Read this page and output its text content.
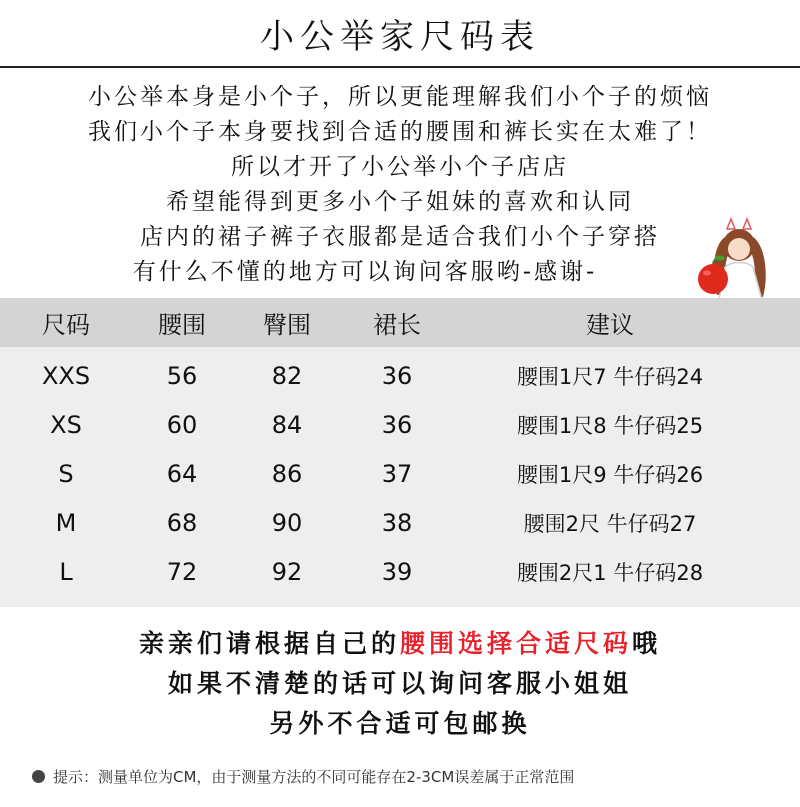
小公举家尺码表
小公举本身是小个子，所以更能理解我们小个子的烦恼
我们小个子本身要找到合适的腰围和裤长实在太难了！
所以才开了小公举小个子店店
希望能得到更多小个子姐妹的喜欢和认同
店内的裙子裤子衣服都是适合我们小个子穿搭
有什么不懂的地方可以询问客服哟-感谢-
尺码	腰围	臀围	裙长	建议
XXS	56	82	36	腰围1尺7 牛仔码24
XS	60	84	36	腰围1尺8 牛仔码25
S	64	86	37	腰围1尺9 牛仔码26
M	68	90	38	腰围2尺 牛仔码27
L	72	92	39	腰围2尺1 牛仔码28
亲亲们请根据自己的腰围选择合适尺码哦
如果不清楚的话可以询问客服小姐姐
另外不合适可包邮换
提示：测量单位为CM，由于测量方法的不同可能存在2-3CM误差属于正常范围
